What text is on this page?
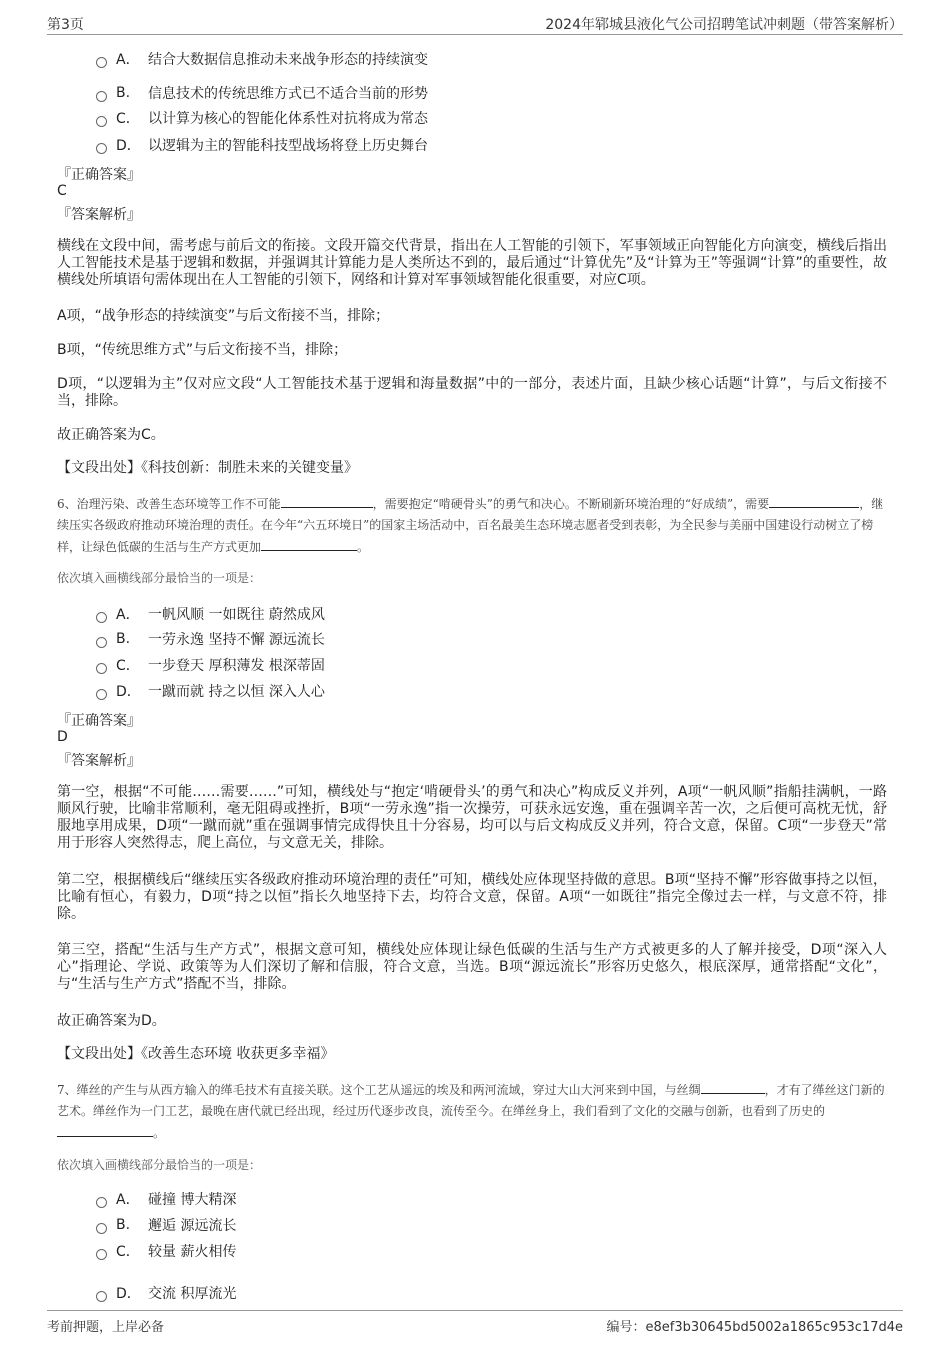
第3页	2024年郓城县液化气公司招聘笔试冲刺题（带答案解析）
A． 结合大数据信息推动未来战争形态的持续演变
B.	信息技术的传统思维方式已不适合当前的形势
C． 以计算为核心的智能化体系性对抗将成为常态
D． 以逻辑为主的智能科技型战场将登上历史舞台
『正确答案』
C
『答案解析』
横线在文段中间，需考虑与前后文的衔接。文段开篇交代背景，指出在人工智能的引领下，军事领域正向智能化方向演变，横线后指出人工智能技术是基于逻辑和数据，并强调其计算能力是人类所达不到的，最后通过“计算优先”及“计算为王”等强调“计算”的重要性，故横线处所填语句需体现出在人工智能的引领下，网络和计算对军事领域智能化很重要，对应C项。
A项，“战争形态的持续演变”与后文衔接不当，排除；
B项，“传统思维方式”与后文衔接不当，排除；
D项，“以逻辑为主”仅对应文段“人工智能技术基于逻辑和海量数据”中的一部分，表述片面，且缺少核心话题“计算”，与后文衔接不当，排除。
故正确答案为C。
【文段出处】《科技创新：制胜未来的关键变量》
6、治理污染、改善生态环境等工作不可能	，需要抱定“啃硬骨头”的勇气和决心。不断刷新环境治理的“好成绩”，需要	，继续压实各级政府推动环境治理的责任。在今年“六五环境日”的国家主场活动中，百名最美生态环境志愿者受到表彰，为全民参与美丽中国建设行动树立了榜样，让绿色低碳的生活与生产方式更加	。
依次填入画横线部分最恰当的一项是：
A． 一帆风顺 一如既往 蔚然成风
B.	一劳永逸 坚持不懈 源远流长
C． 一步登天 厚积薄发 根深蒂固
D． 一蹴而就 持之以恒 深入人心
『正确答案』
D
『答案解析』
第一空，根据“不可能……需要……”可知，横线处与“抱定‘啃硬骨头’的勇气和决心”构成反义并列，A项“一帆风顺”指船挂满帆，一路顺风行驶，比喻非常顺利，毫无阻碍或挫折，B项“一劳永逸”指一次操劳，可获永远安逸，重在强调辛苦一次，之后便可高枕无忧，舒服地享用成果，D项“一蹴而就”重在强调事情完成得快且十分容易，均可以与后文构成反义并列，符合文意，保留。C项“一步登天”常用于形容人突然得志，爬上高位，与文意无关，排除。
第二空，根据横线后“继续压实各级政府推动环境治理的责任”可知，横线处应体现坚持做的意思。B项“坚持不懈”形容做事持之以恒，比喻有恒心，有毅力，D项“持之以恒”指长久地坚持下去，均符合文意，保留。A项“一如既往”指完全像过去一样，与文意不符，排除。
第三空，搭配“生活与生产方式”，根据文意可知，横线处应体现让绿色低碳的生活与生产方式被更多的人了解并接受，D项“深入人心”指理论、学说、政策等为人们深切了解和信服，符合文意，当选。B项“源远流长”形容历史悠久，根底深厚，通常搭配“文化”，与“生活与生产方式”搭配不当，排除。
故正确答案为D。
【文段出处】《改善生态环境 收获更多幸福》
7、缂丝的产生与从西方输入的缂毛技术有直接关联。这个工艺从遥远的埃及和两河流域，穿过大山大河来到中国，与丝绸	，才有了缂丝这门新的艺术。缂丝作为一门工艺，最晚在唐代就已经出现，经过历代逐步改良，流传至今。在缂丝身上，我们看到了文化的交融与创新，也看到了历史的。
依次填入画横线部分最恰当的一项是：
A． 碰撞 博大精深
B.	邂逅 源远流长
C． 较量 薪火相传
D． 交流 积厚流光
考前押题，上岸必备	编号：e8ef3b30645bd5002a1865c953c17d4e
